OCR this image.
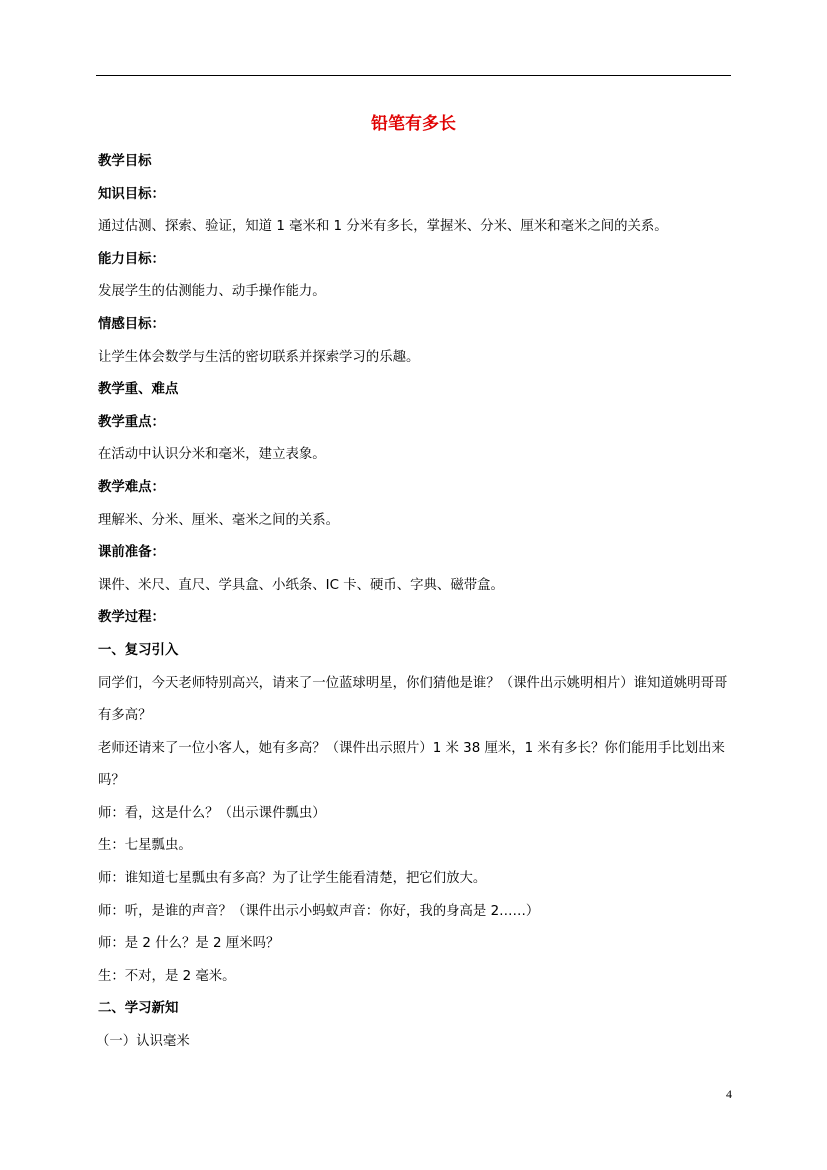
铅笔有多长

教学目标

知识目标：

通过估测、探索、验证，知道 1 毫米和 1 分米有多长，掌握米、分米、厘米和毫米之间的关系。

能力目标：

发展学生的估测能力、动手操作能力。

情感目标：

让学生体会数学与生活的密切联系并探索学习的乐趣。

教学重、难点

教学重点：

在活动中认识分米和毫米，建立表象。

教学难点：

理解米、分米、厘米、毫米之间的关系。

课前准备：

课件、米尺、直尺、学具盒、小纸条、IC 卡、硬币、字典、磁带盒。

教学过程：

一、复习引入

同学们，今天老师特别高兴，请来了一位蓝球明星，你们猜他是谁？（课件出示姚明相片）谁知道姚明哥哥有多高？

老师还请来了一位小客人，她有多高？（课件出示照片）1 米 38 厘米，1 米有多长？你们能用手比划出来吗？

师：看，这是什么？（出示课件瓢虫）

生：七星瓢虫。

师：谁知道七星瓢虫有多高？为了让学生能看清楚，把它们放大。

师：听，是谁的声音？（课件出示小蚂蚁声音：你好，我的身高是 2……）

师：是 2 什么？是 2 厘米吗？

生：不对，是 2 毫米。

二、学习新知

（一）认识毫米

4
